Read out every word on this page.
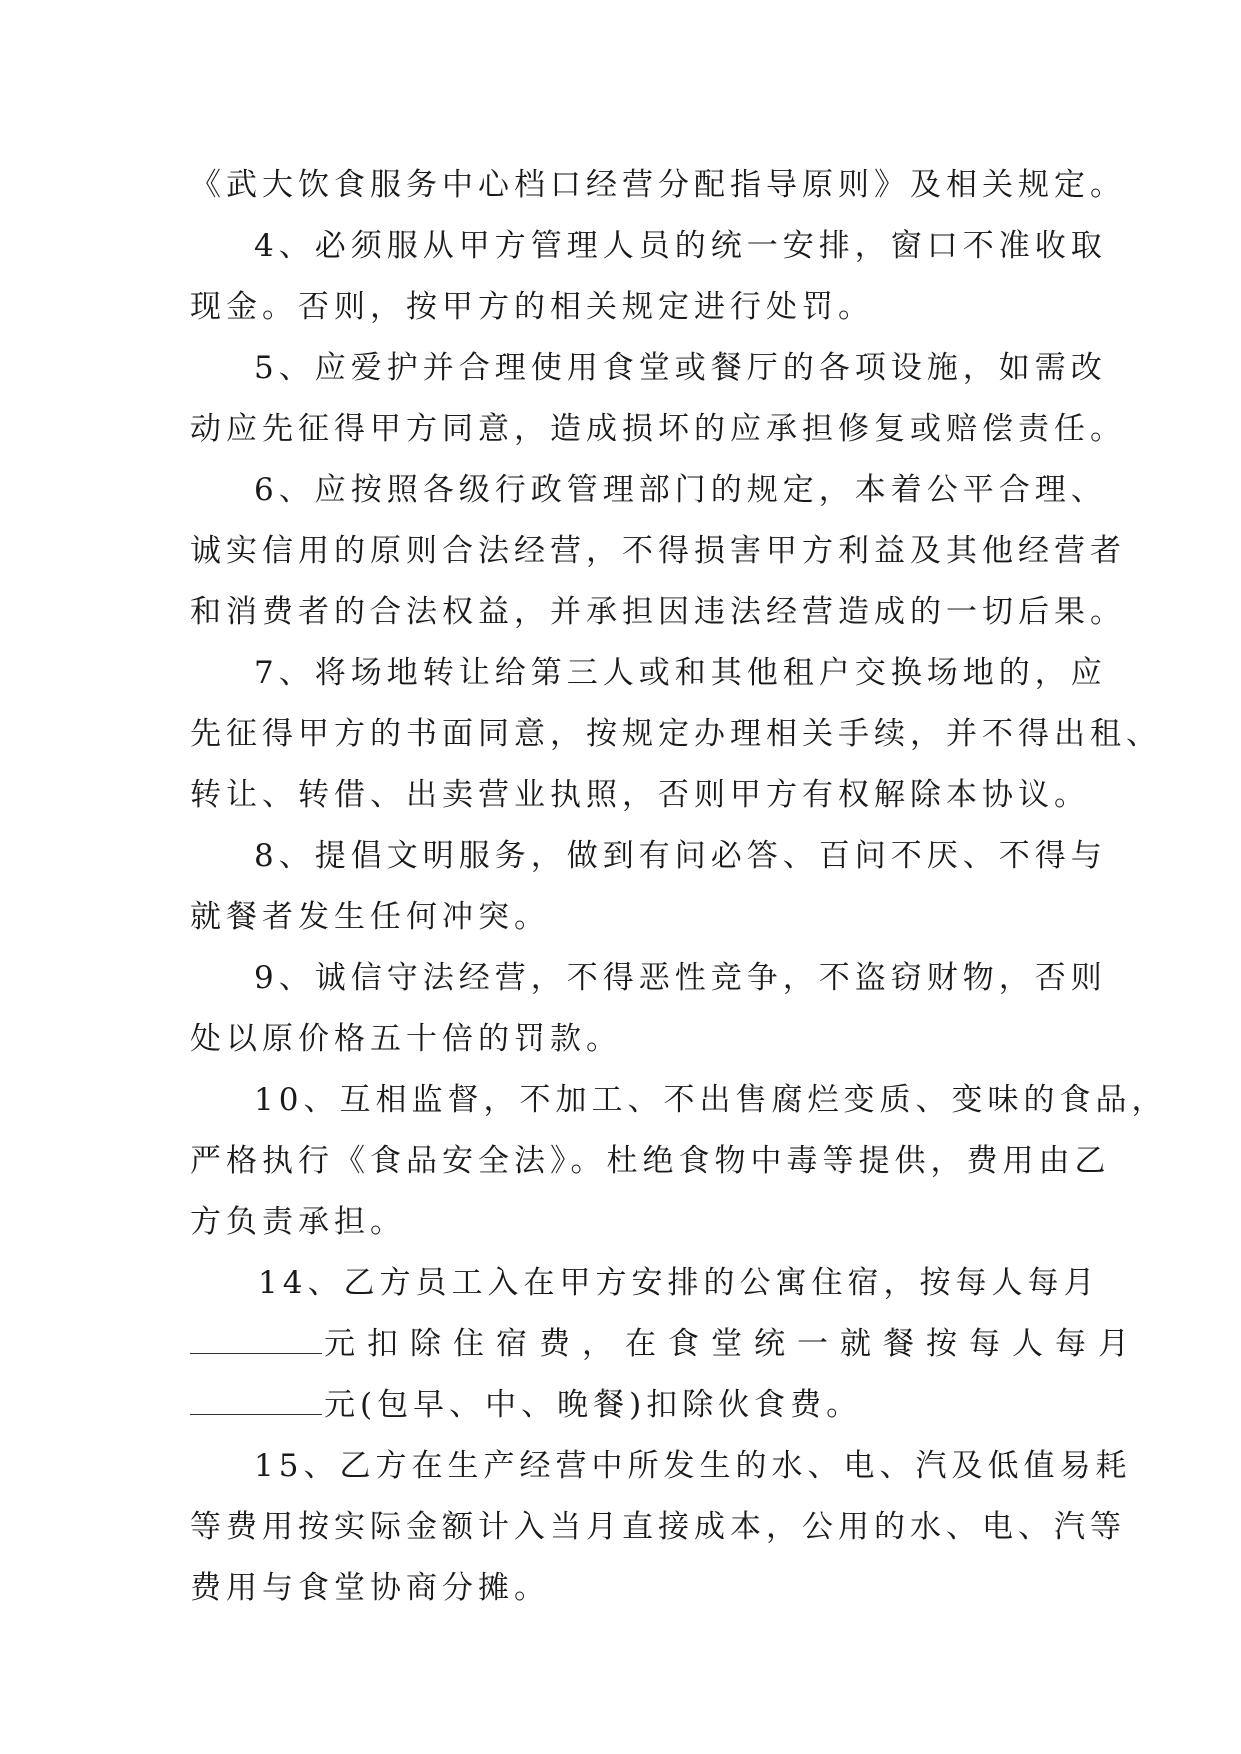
《武大饮食服务中心档口经营分配指导原则》及相关规定。
4、必须服从甲方管理人员的统一安排，窗口不准收取
现金。否则，按甲方的相关规定进行处罚。
5、应爱护并合理使用食堂或餐厅的各项设施，如需改
动应先征得甲方同意，造成损坏的应承担修复或赔偿责任。
6、应按照各级行政管理部门的规定，本着公平合理、
诚实信用的原则合法经营，不得损害甲方利益及其他经营者
和消费者的合法权益，并承担因违法经营造成的一切后果。
7、将场地转让给第三人或和其他租户交换场地的，应
先征得甲方的书面同意，按规定办理相关手续，并不得出租、
转让、转借、出卖营业执照，否则甲方有权解除本协议。
8、提倡文明服务，做到有问必答、百问不厌、不得与
就餐者发生任何冲突。
9、诚信守法经营，不得恶性竞争，不盗窃财物，否则
处以原价格五十倍的罚款。
10、互相监督，不加工、不出售腐烂变质、变味的食品，
严格执行《食品安全法》。杜绝食物中毒等提供，费用由乙
方负责承担。
14、乙方员工入在甲方安排的公寓住宿，按每人每月
元扣除住宿费，在食堂统一就餐按每人每月
元(包早、中、晚餐)扣除伙食费。
15、乙方在生产经营中所发生的水、电、汽及低值易耗
等费用按实际金额计入当月直接成本，公用的水、电、汽等
费用与食堂协商分摊。
